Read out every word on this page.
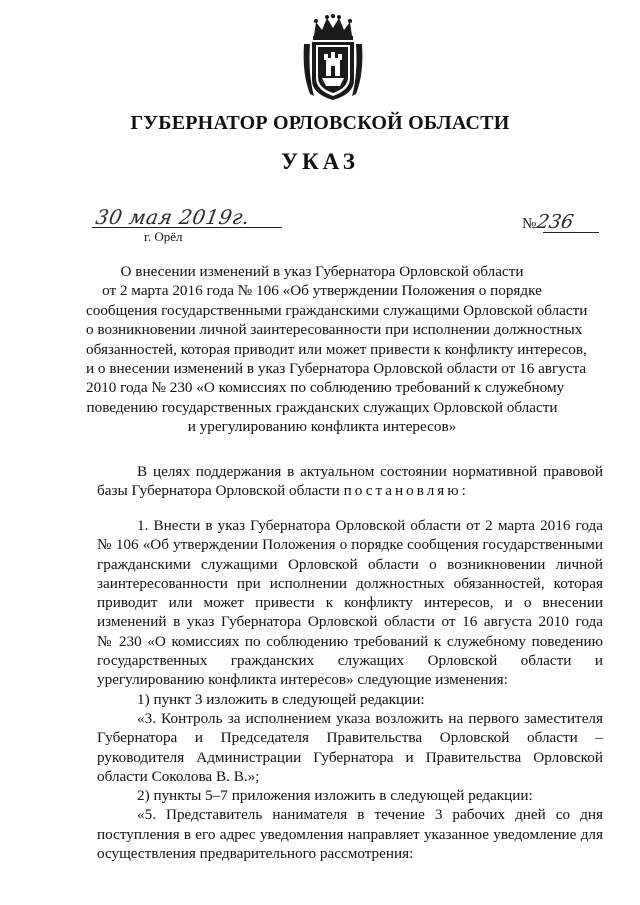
ГУБЕРНАТОР ОРЛОВСКОЙ ОБЛАСТИ
УКАЗ
30 мая 2019г.
г. Орёл
№236
О внесении изменений в указ Губернатора Орловской области
от 2 марта 2016 года № 106 «Об утверждении Положения о порядке
сообщения государственными гражданскими служащими Орловской области
о возникновении личной заинтересованности при исполнении должностных
обязанностей, которая приводит или может привести к конфликту интересов,
и о внесении изменений в указ Губернатора Орловской области от 16 августа
2010 года № 230 «О комиссиях по соблюдению требований к служебному
поведению государственных гражданских служащих Орловской области
и урегулированию конфликта интересов»
В целях поддержания в актуальном состоянии нормативной правовой
базы Губернатора Орловской области постановляю:
1. Внести в указ Губернатора Орловской области от 2 марта 2016 года
№ 106 «Об утверждении Положения о порядке сообщения государственными
гражданскими служащими Орловской области о возникновении личной
заинтересованности при исполнении должностных обязанностей, которая
приводит или может привести к конфликту интересов, и о внесении
изменений в указ Губернатора Орловской области от 16 августа 2010 года
№ 230 «О комиссиях по соблюдению требований к служебному поведению
государственных гражданских служащих Орловской области и
урегулированию конфликта интересов» следующие изменения:
1) пункт 3 изложить в следующей редакции:
«3. Контроль за исполнением указа возложить на первого заместителя
Губернатора и Председателя Правительства Орловской области –
руководителя Администрации Губернатора и Правительства Орловской
области Соколова В. В.»;
2) пункты 5–7 приложения изложить в следующей редакции:
«5. Представитель нанимателя в течение 3 рабочих дней со дня
поступления в его адрес уведомления направляет указанное уведомление для
осуществления предварительного рассмотрения:
